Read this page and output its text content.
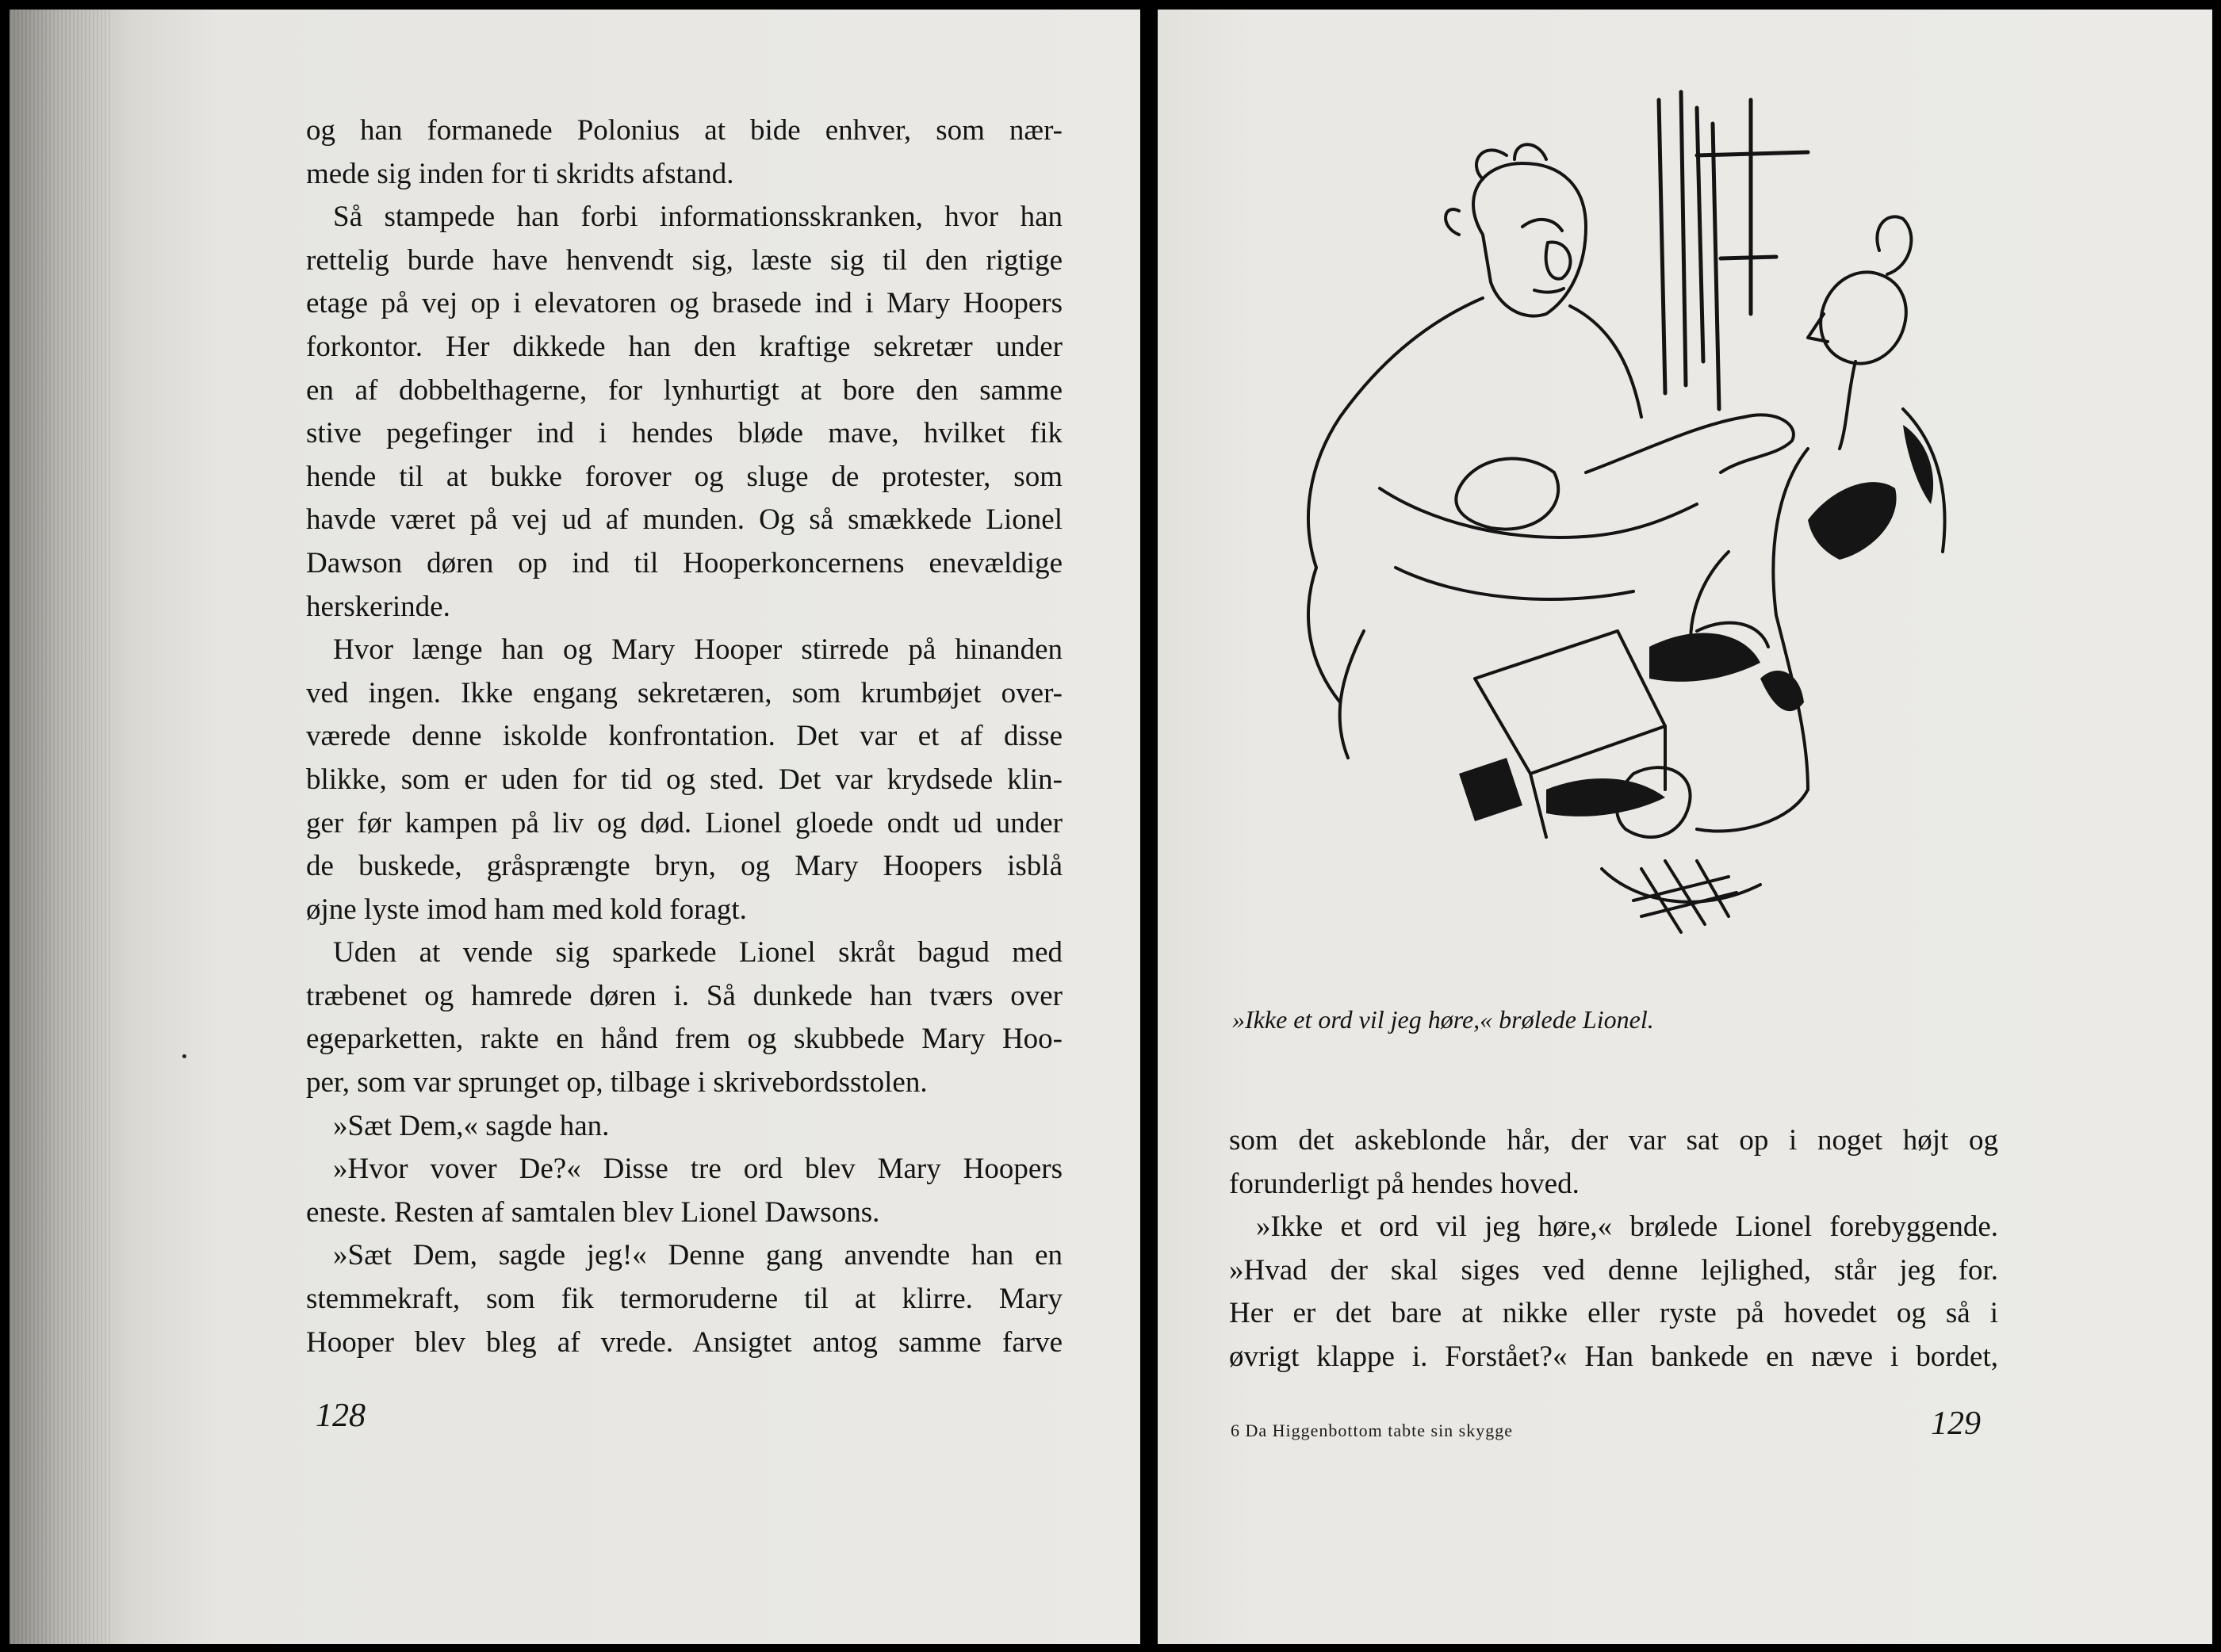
og han formanede Polonius at bide enhver, som nær-
mede sig inden for ti skridts afstand.
Så stampede han forbi informationsskranken, hvor han
rettelig burde have henvendt sig, læste sig til den rigtige
etage på vej op i elevatoren og brasede ind i Mary Hoopers
forkontor. Her dikkede han den kraftige sekretær under
en af dobbelthagerne, for lynhurtigt at bore den samme
stive pegefinger ind i hendes bløde mave, hvilket fik
hende til at bukke forover og sluge de protester, som
havde været på vej ud af munden. Og så smækkede Lionel
Dawson døren op ind til Hooperkoncernens enevældige
herskerinde.
Hvor længe han og Mary Hooper stirrede på hinanden
ved ingen. Ikke engang sekretæren, som krumbøjet over-
værede denne iskolde konfrontation. Det var et af disse
blikke, som er uden for tid og sted. Det var krydsede klin-
ger før kampen på liv og død. Lionel gloede ondt ud under
de buskede, gråsprængte bryn, og Mary Hoopers isblå
øjne lyste imod ham med kold foragt.
Uden at vende sig sparkede Lionel skråt bagud med
træbenet og hamrede døren i. Så dunkede han tværs over
egeparketten, rakte en hånd frem og skubbede Mary Hoo-
per, som var sprunget op, tilbage i skrivebordsstolen.
»Sæt Dem,« sagde han.
»Hvor vover De?« Disse tre ord blev Mary Hoopers
eneste. Resten af samtalen blev Lionel Dawsons.
»Sæt Dem, sagde jeg!« Denne gang anvendte han en
stemmekraft, som fik termoruderne til at klirre. Mary
Hooper blev bleg af vrede. Ansigtet antog samme farve
128
»Ikke et ord vil jeg høre,« brølede Lionel.
som det askeblonde hår, der var sat op i noget højt og
forunderligt på hendes hoved.
»Ikke et ord vil jeg høre,« brølede Lionel forebyggende.
»Hvad der skal siges ved denne lejlighed, står jeg for.
Her er det bare at nikke eller ryste på hovedet og så i
øvrigt klappe i. Forstået?« Han bankede en næve i bordet,
6 Da Higgenbottom tabte sin skygge	129
